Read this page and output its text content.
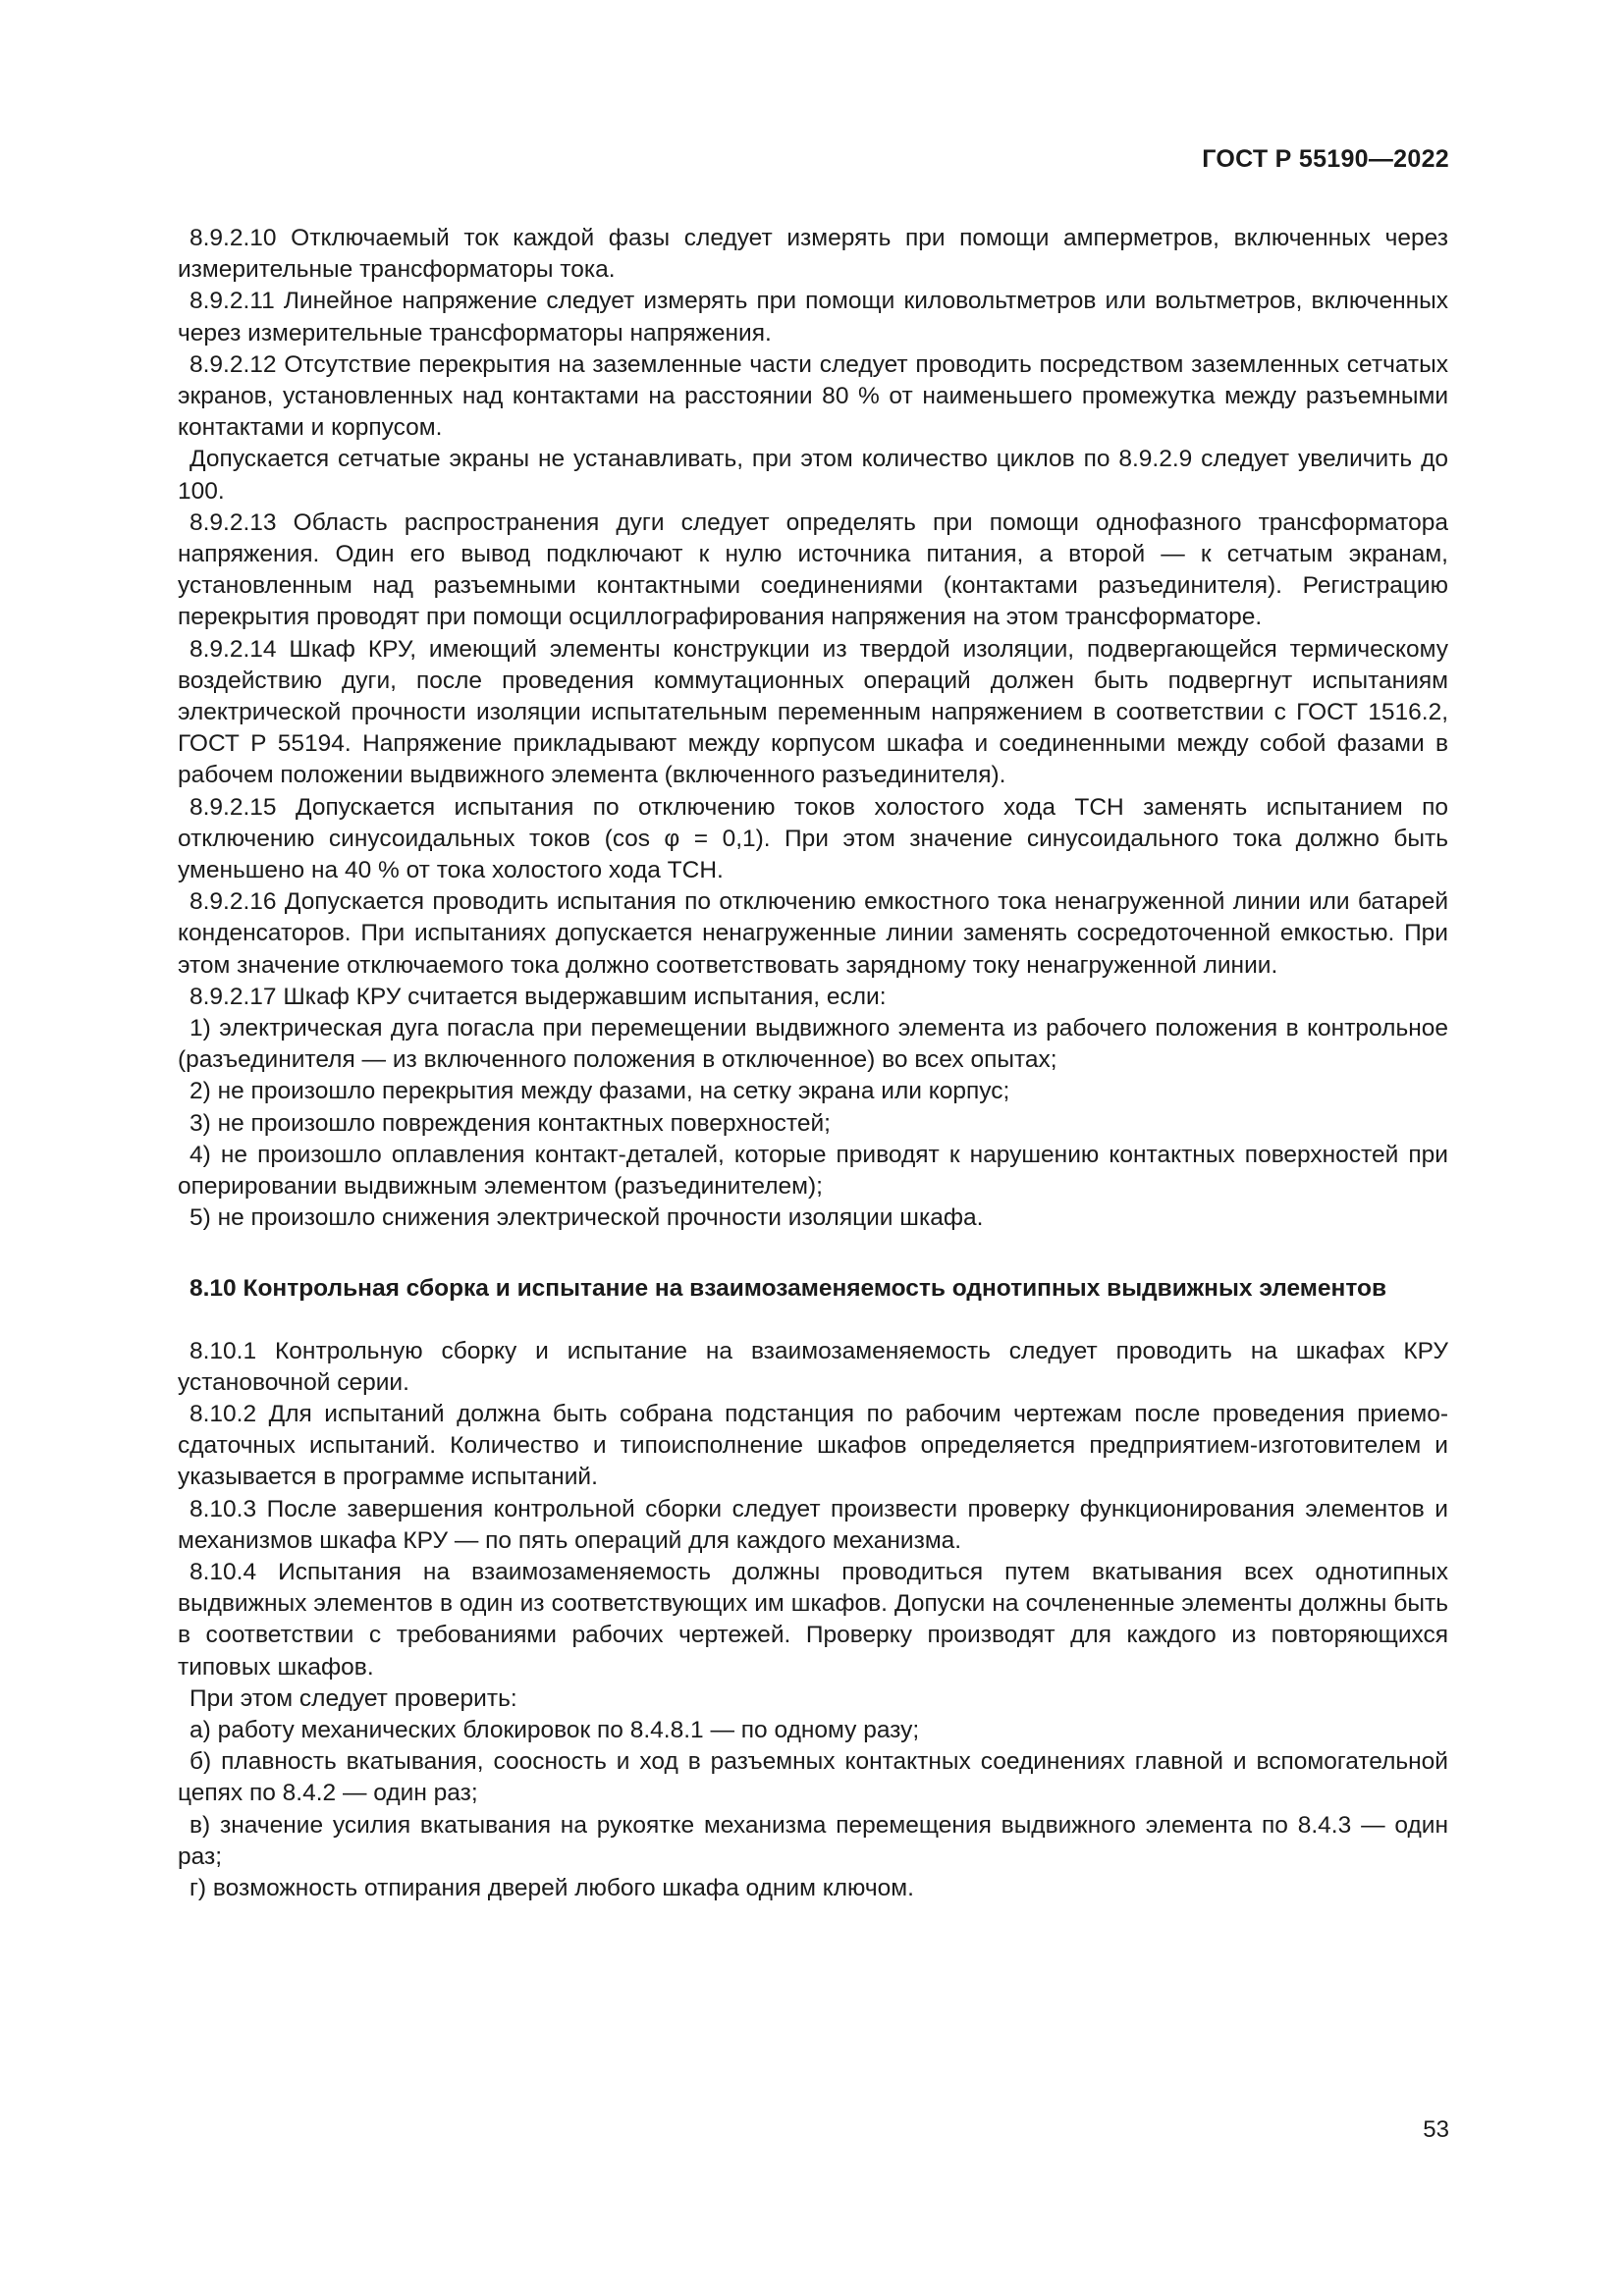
ГОСТ Р 55190—2022

8.9.2.10 Отключаемый ток каждой фазы следует измерять при помощи амперметров, включенных через измерительные трансформаторы тока.

8.9.2.11 Линейное напряжение следует измерять при помощи киловольтметров или вольтметров, включенных через измерительные трансформаторы напряжения.

8.9.2.12 Отсутствие перекрытия на заземленные части следует проводить посредством заземленных сетчатых экранов, установленных над контактами на расстоянии 80 % от наименьшего промежутка между разъемными контактами и корпусом.

Допускается сетчатые экраны не устанавливать, при этом количество циклов по 8.9.2.9 следует увеличить до 100.

8.9.2.13 Область распространения дуги следует определять при помощи однофазного трансформатора напряжения. Один его вывод подключают к нулю источника питания, а второй — к сетчатым экранам, установленным над разъемными контактными соединениями (контактами разъединителя). Регистрацию перекрытия проводят при помощи осциллографирования напряжения на этом трансформаторе.

8.9.2.14 Шкаф КРУ, имеющий элементы конструкции из твердой изоляции, подвергающейся термическому воздействию дуги, после проведения коммутационных операций должен быть подвергнут испытаниям электрической прочности изоляции испытательным переменным напряжением в соответствии с ГОСТ 1516.2, ГОСТ Р 55194. Напряжение прикладывают между корпусом шкафа и соединенными между собой фазами в рабочем положении выдвижного элемента (включенного разъединителя).

8.9.2.15 Допускается испытания по отключению токов холостого хода ТСН заменять испытанием по отключению синусоидальных токов (cos φ = 0,1). При этом значение синусоидального тока должно быть уменьшено на 40 % от тока холостого хода ТСН.

8.9.2.16 Допускается проводить испытания по отключению емкостного тока ненагруженной линии или батарей конденсаторов. При испытаниях допускается ненагруженные линии заменять сосредоточенной емкостью. При этом значение отключаемого тока должно соответствовать зарядному току ненагруженной линии.

8.9.2.17 Шкаф КРУ считается выдержавшим испытания, если:

1) электрическая дуга погасла при перемещении выдвижного элемента из рабочего положения в контрольное (разъединителя — из включенного положения в отключенное) во всех опытах;

2) не произошло перекрытия между фазами, на сетку экрана или корпус;

3) не произошло повреждения контактных поверхностей;

4) не произошло оплавления контакт-деталей, которые приводят к нарушению контактных поверхностей при оперировании выдвижным элементом (разъединителем);

5) не произошло снижения электрической прочности изоляции шкафа.

8.10 Контрольная сборка и испытание на взаимозаменяемость однотипных выдвижных элементов

8.10.1 Контрольную сборку и испытание на взаимозаменяемость следует проводить на шкафах КРУ установочной серии.

8.10.2 Для испытаний должна быть собрана подстанция по рабочим чертежам после проведения приемо-сдаточных испытаний. Количество и типоисполнение шкафов определяется предприятием-изготовителем и указывается в программе испытаний.

8.10.3 После завершения контрольной сборки следует произвести проверку функционирования элементов и механизмов шкафа КРУ — по пять операций для каждого механизма.

8.10.4 Испытания на взаимозаменяемость должны проводиться путем вкатывания всех однотипных выдвижных элементов в один из соответствующих им шкафов. Допуски на сочлененные элементы должны быть в соответствии с требованиями рабочих чертежей. Проверку производят для каждого из повторяющихся типовых шкафов.

При этом следует проверить:

а) работу механических блокировок по 8.4.8.1 — по одному разу;

б) плавность вкатывания, соосность и ход в разъемных контактных соединениях главной и вспомогательной цепях по 8.4.2 — один раз;

в) значение усилия вкатывания на рукоятке механизма перемещения выдвижного элемента по 8.4.3 — один раз;

г) возможность отпирания дверей любого шкафа одним ключом.

53
